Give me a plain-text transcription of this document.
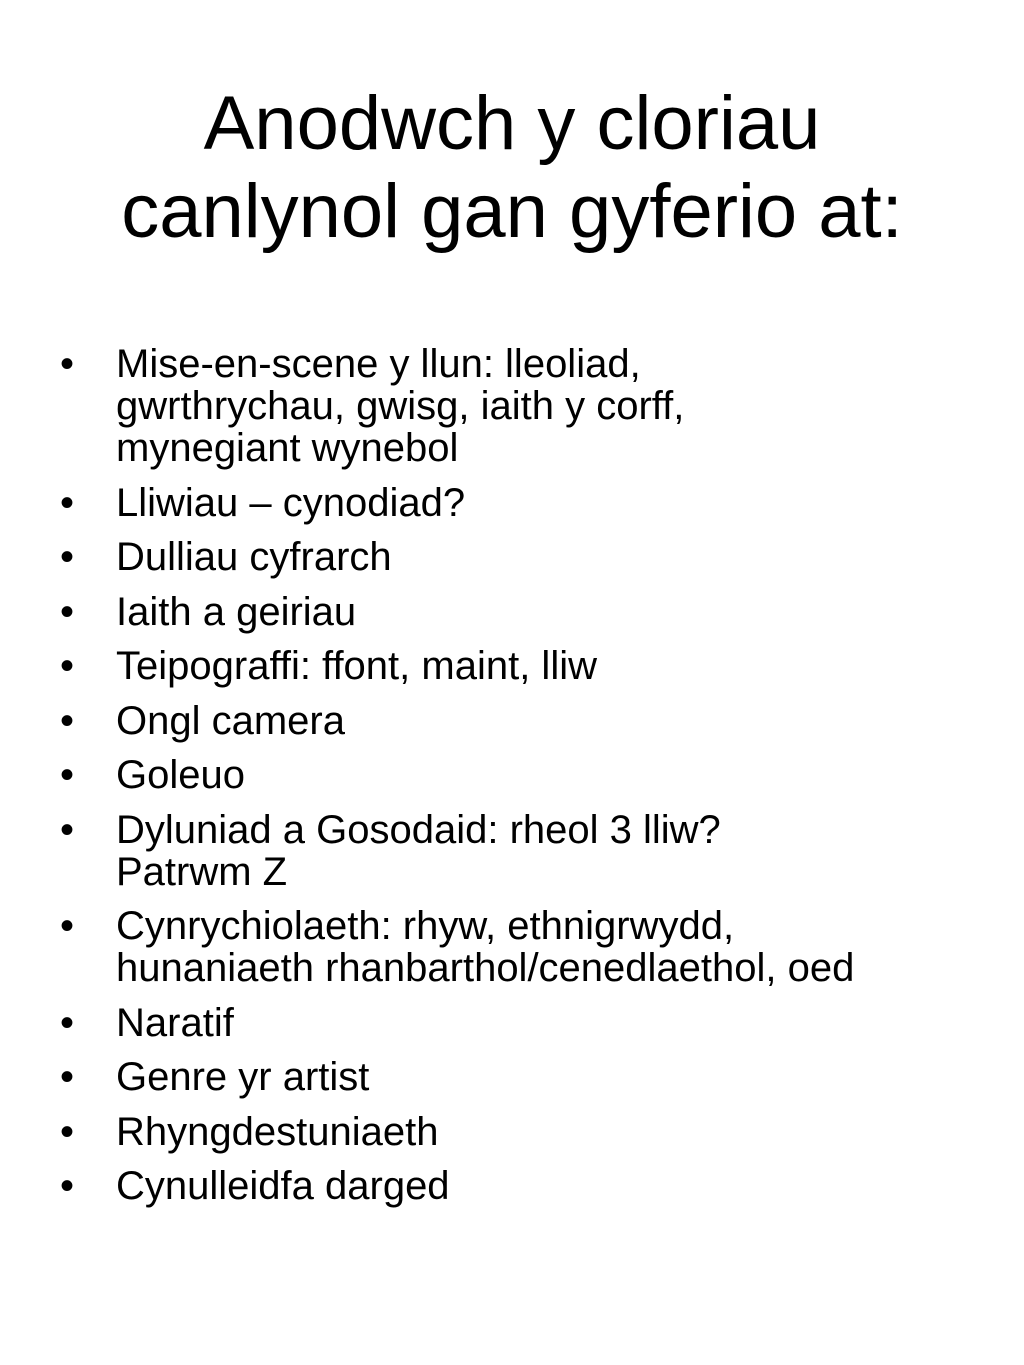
Anodwch y cloriau
canlynol gan gyferio at:
•	Mise-en-scene y llun: lleoliad,
gwrthrychau, gwisg, iaith y corff,
mynegiant wynebol
•	Lliwiau – cynodiad?
•	Dulliau cyfrarch
•	Iaith a geiriau
•	Teipograffi: ffont, maint, lliw
•	Ongl camera
•	Goleuo
•	Dyluniad a Gosodaid: rheol 3 lliw?
Patrwm Z
•	Cynrychiolaeth: rhyw, ethnigrwydd,
hunaniaeth rhanbarthol/cenedlaethol, oed
•	Naratif
•	Genre yr artist
•	Rhyngdestuniaeth
•	Cynulleidfa darged
